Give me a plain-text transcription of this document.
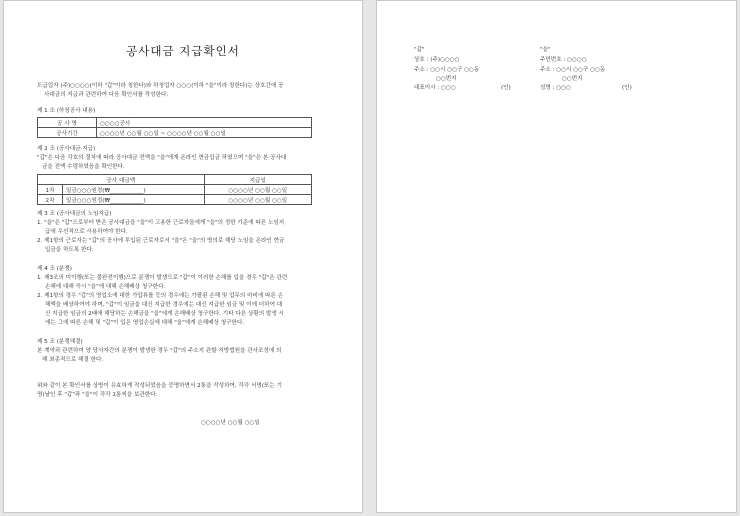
공사대금 지급확인서
도급업자 (주)○○○○(이하 "갑"이라 칭한다)와 하청업자 ○○○(이하 "을"이라 칭한다)는 상호간에 공
사대금의 지급과 관련하여 다음 확인서를 작성한다.
제 1 조 (하청공사 내용)
공 사 명	○○○○공사
공사기간	○○○○년 ○○월 ○○일 ~ ○○○○년 ○○월 ○○일
제 2 조 (공사대금 지급)
"갑"은 다음 각호의 절차에 따라 공사대금 전액을 "을"에게 온라인 현금입금 하였으며 "을"은 본 공사대
금을 전액 수령하였음을 확인한다.
공사 대금액		지급일
1차	일금○○○원정(₩____________)	○○○○년 ○○월 ○○일
2차	일금○○○원정(₩____________)	○○○○년 ○○월 ○○일
제 3 조 (공사대금의 노임지급)
1. "을"은 "갑"으로부터 받은 공사대금을 "을"이 고용한 근로자들에게 "을"의 정한 기준에 따른 노임지
급에 우선적으로 사용하여야 한다.
2. 제1항의 근로자는 "갑"의 공사에 투입된 근로자로서 "을"은 "을"의 명의로 해당 노임을 온라인 현금
입금을 하도록 한다.
제 4 조 (분쟁)
1. 제3조의 미이행(또는 불완전이행)으로 분쟁이 발생으로 "갑"이 이러한 손해를 입을 경우 "갑"은 관련
손해에 대해 즉시 "을"에 대해 손해배상 청구한다.
2. 제1항의 경우 "갑"의 영업소에 대한 가압류를 등의 경우에는 가팔된 손해 및 업무의 마비에 따른 손
해액을 배상하여야 하며, "갑"이 임금을 대신 지급한 경우에는 대신 지급한 임금 및 이에 더하여 대
신 지급한 임금의 2배에 해당하는 손해금을 "을"에게 손해배상 청구한다. 기타 다른 상황의 발생 시
에는 그에 따른 손해 및 "갑"이 입은 영업손실에 대해 "을"에게 손해배상 청구한다.
제 5 조 (분쟁해결)
본 계약과 관련하여 양 당사자간의 분쟁이 발생한 경우 "갑"의 주소지 관할 지방법원을 관사조정에 의
해 최종적으로 해결 한다.
위와 같이 본 확인서를 상방이 유효하게 작성되었음을 증명하면서 2통을 작성하여, 각각 서명(또는 기
명)날인 후 "갑"과 "을"이 각각 1통씩을 보관한다.
○○○○년 ○○월 ○○일
"갑"
상호 : (주)○○○○
주소 : ○○시 ○○구 ○○동
○○번지
대표이사 : ○○○	(인)
"을"
주민번호 : ○○○○
주소 : ○○시 ○○구 ○○동
○○번지
성명 : ○○○	(인)
